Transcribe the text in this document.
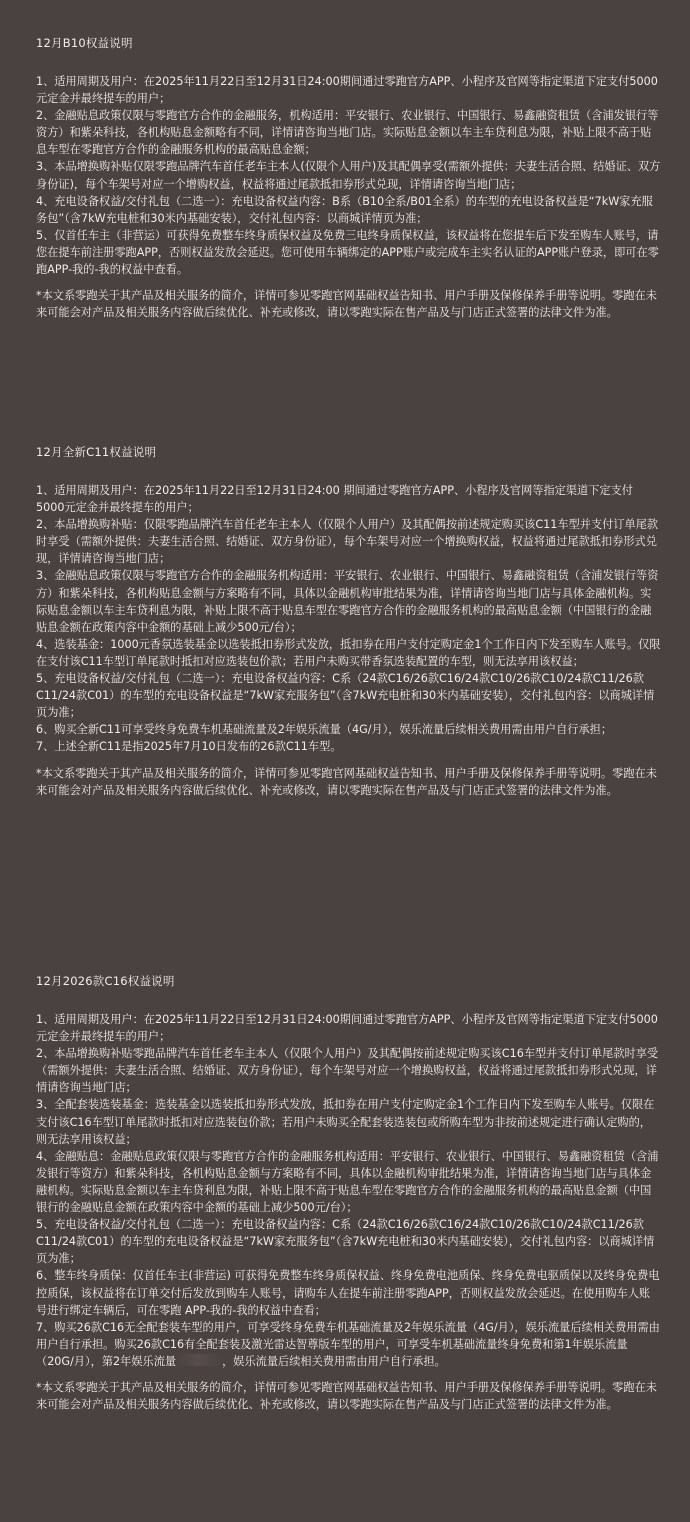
12月B10权益说明
1、适用周期及用户：在2025年11月22日至12月31日24:00期间通过零跑官方APP、小程序及官网等指定渠道下定支付5000元定金并最终提车的用户；
2、金融贴息政策仅限与零跑官方合作的金融服务，机构适用：平安银行、农业银行、中国银行、易鑫融资租赁（含浦发银行等资方）和紫朵科技，各机构贴息金额略有不同，详情请咨询当地门店。实际贴息金额以车主车贷利息为限，补贴上限不高于贴息车型在零跑官方合作的金融服务机构的最高贴息金额；
3、本品增换购补贴仅限零跑品牌汽车首任老车主本人(仅限个人用户)及其配偶享受(需额外提供：夫妻生活合照、结婚证、双方身份证)，每个车架号对应一个增购权益，权益将通过尾款抵扣券形式兑现，详情请咨询当地门店；
4、充电设备权益/交付礼包（二选一）：充电设备权益内容：B系（B10全系/B01全系）的车型的充电设备权益是“7kW家充服务包”（含7kW充电桩和30米内基础安装），交付礼包内容：以商城详情页为准；
5、仅首任车主（非营运）可获得免费整车终身质保权益及免费三电终身质保权益，该权益将在您提车后下发至购车人账号，请您在提车前注册零跑APP，否则权益发放会延迟。您可使用车辆绑定的APP账户或完成车主实名认证的APP账户登录，即可在零跑APP-我的-我的权益中查看。

*本文系零跑关于其产品及相关服务的简介，详情可参见零跑官网基础权益告知书、用户手册及保修保养手册等说明。零跑在未来可能会对产品及相关服务内容做后续优化、补充或修改，请以零跑实际在售产品及与门店正式签署的法律文件为准。

12月全新C11权益说明
1、适用周期及用户：在2025年11月22日至12月31日24:00 期间通过零跑官方APP、小程序及官网等指定渠道下定支付5000元定金并最终提车的用户；
2、本品增换购补贴：仅限零跑品牌汽车首任老车主本人（仅限个人用户）及其配偶按前述规定购买该C11车型并支付订单尾款时享受（需额外提供：夫妻生活合照、结婚证、双方身份证），每个车架号对应一个增换购权益，权益将通过尾款抵扣券形式兑现，详情请咨询当地门店；
3、金融贴息政策仅限与零跑官方合作的金融服务机构适用：平安银行、农业银行、中国银行、易鑫融资租赁（含浦发银行等资方）和紫朵科技，各机构贴息金额与方案略有不同，具体以金融机构审批结果为准，详情请咨询当地门店与具体金融机构。实际贴息金额以车主车贷利息为限，补贴上限不高于贴息车型在零跑官方合作的金融服务机构的最高贴息金额（中国银行的金融贴息金额在政策内容中金额的基础上减少500元/台）；
4、选装基金：1000元香氛选装基金以选装抵扣券形式发放，抵扣券在用户支付定购定金1个工作日内下发至购车人账号。仅限在支付该C11车型订单尾款时抵扣对应选装包价款；若用户未购买带香氛选装配置的车型，则无法享用该权益；
5、充电设备权益/交付礼包（二选一）：充电设备权益内容：C系（24款C16/26款C16/24款C10/26款C10/24款C11/26款C11/24款C01）的车型的充电设备权益是“7kW家充服务包”（含7kW充电桩和30米内基础安装），交付礼包内容：以商城详情页为准；
6、购买全新C11可享受终身免费车机基础流量及2年娱乐流量（4G/月），娱乐流量后续相关费用需由用户自行承担；
7、上述全新C11是指2025年7月10日发布的26款C11车型。

*本文系零跑关于其产品及相关服务的简介，详情可参见零跑官网基础权益告知书、用户手册及保修保养手册等说明。零跑在未来可能会对产品及相关服务内容做后续优化、补充或修改，请以零跑实际在售产品及与门店正式签署的法律文件为准。

12月2026款C16权益说明
1、适用周期及用户：在2025年11月22日至12月31日24:00期间通过零跑官方APP、小程序及官网等指定渠道下定支付5000元定金并最终提车的用户；
2、本品增换购补贴零跑品牌汽车首任老车主本人（仅限个人用户）及其配偶按前述规定购买该C16车型并支付订单尾款时享受（需额外提供：夫妻生活合照、结婚证、双方身份证），每个车架号对应一个增换购权益，权益将通过尾款抵扣券形式兑现，详情请咨询当地门店；
3、全配套装选装基金：选装基金以选装抵扣券形式发放，抵扣券在用户支付定购定金1个工作日内下发至购车人账号。仅限在支付该C16车型订单尾款时抵扣对应选装包价款；若用户未购买全配套装选装包或所购车型为非按前述规定进行确认定购的，则无法享用该权益；
4、金融贴息：金融贴息政策仅限与零跑官方合作的金融服务机构适用：平安银行、农业银行、中国银行、易鑫融资租赁（含浦发银行等资方）和紫朵科技，各机构贴息金额与方案略有不同，具体以金融机构审批结果为准，详情请咨询当地门店与具体金融机构。实际贴息金额以车主车贷利息为限，补贴上限不高于贴息车型在零跑官方合作的金融服务机构的最高贴息金额（中国银行的金融贴息金额在政策内容中金额的基础上减少500元/台）；
5、充电设备权益/交付礼包（二选一）：充电设备权益内容：C系（24款C16/26款C16/24款C10/26款C10/24款C11/26款C11/24款C01）的车型的充电设备权益是“7kW家充服务包”（含7kW充电桩和30米内基础安装），交付礼包内容：以商城详情页为准；
6、整车终身质保：仅首任车主(非营运) 可获得免费整车终身质保权益、终身免费电池质保、终身免费电驱质保以及终身免费电控质保，该权益将在订单交付后发放到购车人账号，请购车人在提车前注册零跑APP，否则权益发放会延迟。在使用购车人账号进行绑定车辆后，可在零跑 APP-我的-我的权益中查看；
7、购买26款C16无全配套装车型的用户，可享受终身免费车机基础流量及2年娱乐流量（4G/月），娱乐流量后续相关费用需由用户自行承担。购买26款C16有全配套装及激光雷达智尊版车型的用户，可享受车机基础流量终身免费和第1年娱乐流量（20G/月），第2年娱乐流量	，娱乐流量后续相关费用需由用户自行承担。

*本文系零跑关于其产品及相关服务的简介，详情可参见零跑官网基础权益告知书、用户手册及保修保养手册等说明。零跑在未来可能会对产品及相关服务内容做后续优化、补充或修改，请以零跑实际在售产品及与门店正式签署的法律文件为准。
